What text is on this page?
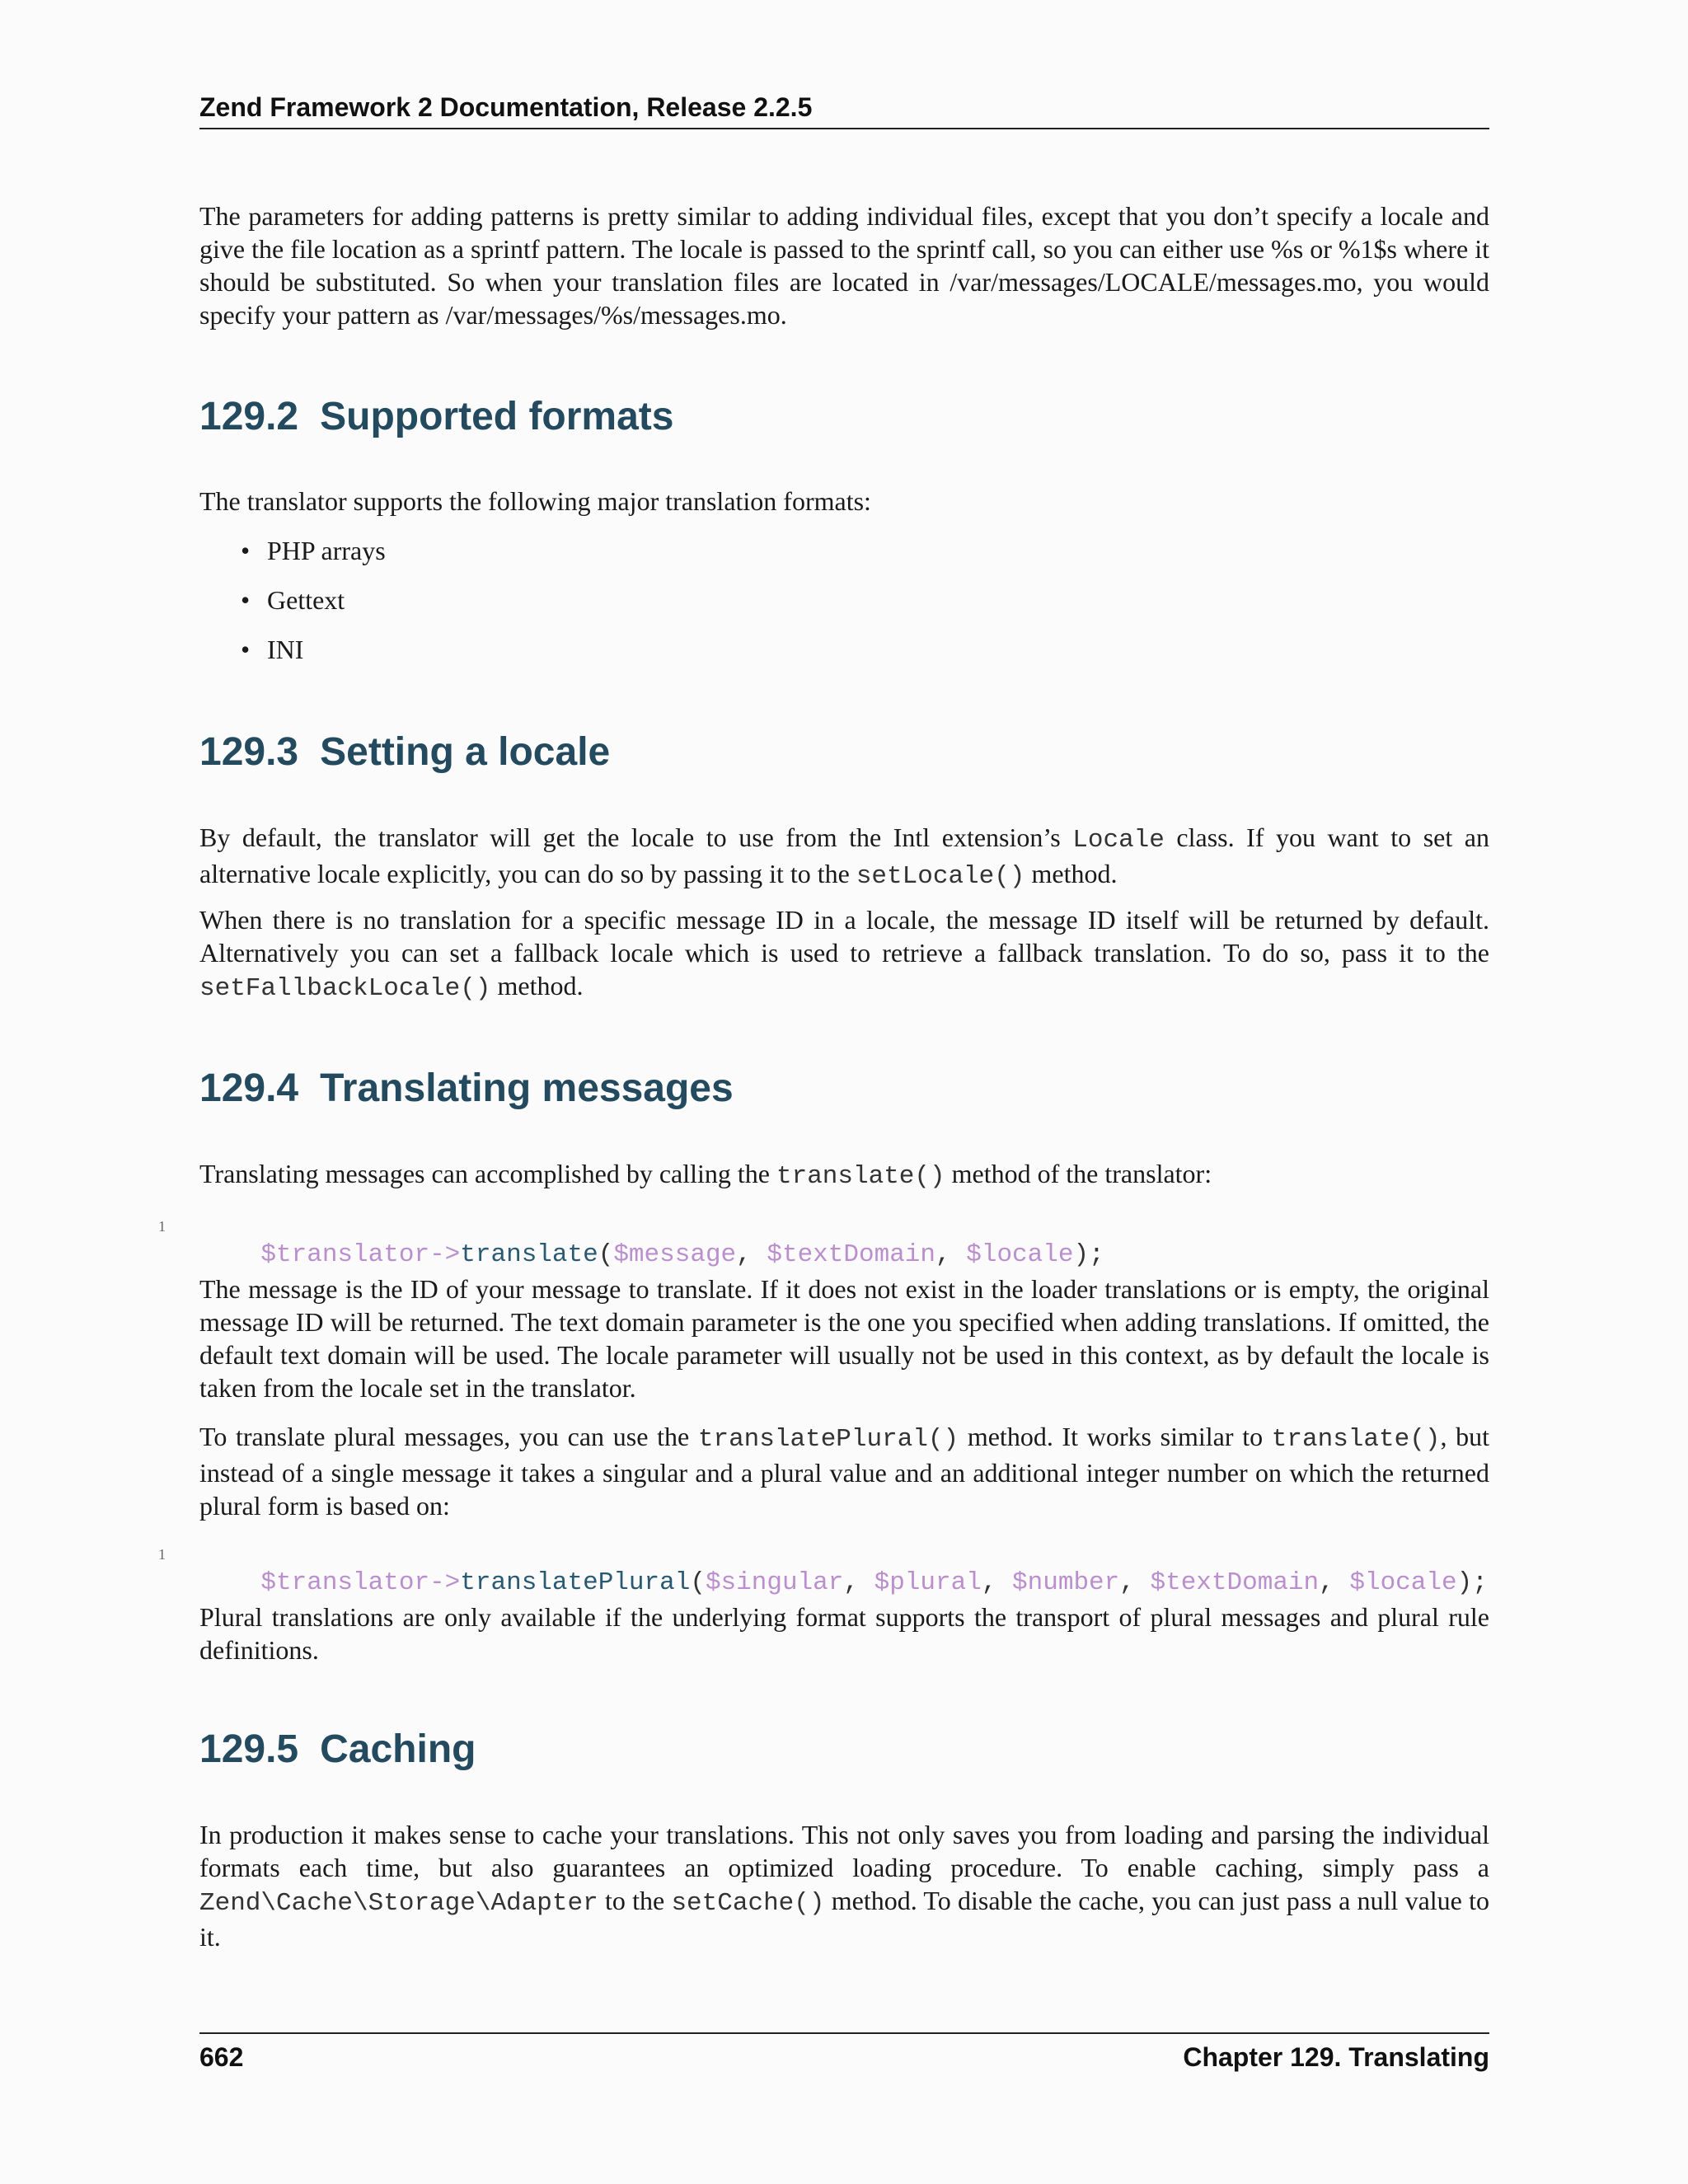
Zend Framework 2 Documentation, Release 2.2.5

The parameters for adding patterns is pretty similar to adding individual files, except that you don’t specify a locale and give the file location as a sprintf pattern. The locale is passed to the sprintf call, so you can either use %s or %1$s where it should be substituted. So when your translation files are located in /var/messages/LOCALE/messages.mo, you would specify your pattern as /var/messages/%s/messages.mo.

129.2 Supported formats

The translator supports the following major translation formats:

• PHP arrays
• Gettext
• INI
129.3 Setting a locale

By default, the translator will get the locale to use from the Intl extension’s Locale class. If you want to set an alternative locale explicitly, you can do so by passing it to the setLocale() method.

When there is no translation for a specific message ID in a locale, the message ID itself will be returned by default. Alternatively you can set a fallback locale which is used to retrieve a fallback translation. To do so, pass it to the setFallbackLocale() method.

129.4 Translating messages

Translating messages can accomplished by calling the translate() method of the translator:

1
$translator->translate($message, $textDomain, $locale);

The message is the ID of your message to translate. If it does not exist in the loader translations or is empty, the original message ID will be returned. The text domain parameter is the one you specified when adding translations. If omitted, the default text domain will be used. The locale parameter will usually not be used in this context, as by default the locale is taken from the locale set in the translator.

To translate plural messages, you can use the translatePlural() method. It works similar to translate(), but instead of a single message it takes a singular and a plural value and an additional integer number on which the returned plural form is based on:

1
$translator->translatePlural($singular, $plural, $number, $textDomain, $locale);

Plural translations are only available if the underlying format supports the transport of plural messages and plural rule definitions.

129.5 Caching

In production it makes sense to cache your translations. This not only saves you from loading and parsing the individual formats each time, but also guarantees an optimized loading procedure. To enable caching, simply pass a Zend\Cache\Storage\Adapter to the setCache() method. To disable the cache, you can just pass a null value to it.

662	Chapter 129. Translating
